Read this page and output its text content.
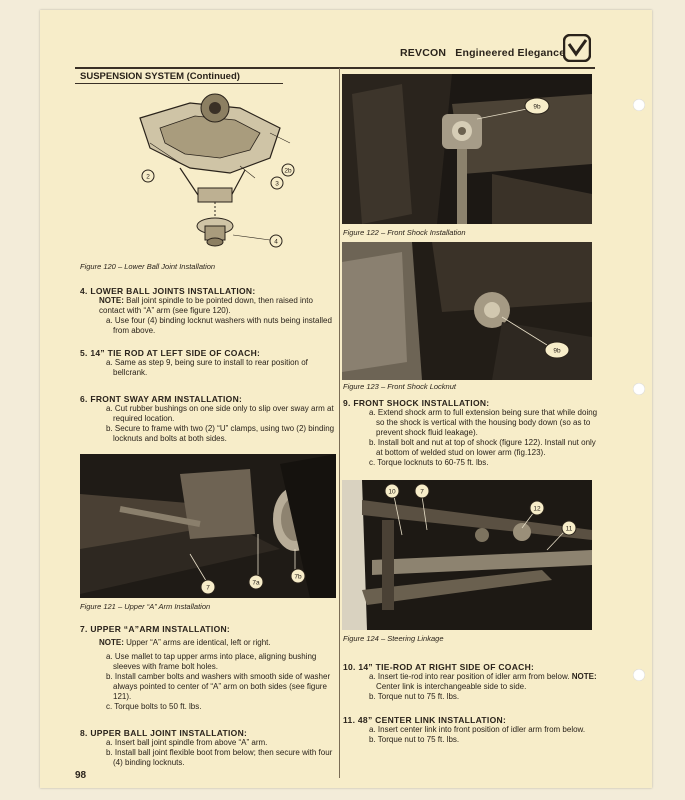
REVCON Engineered Elegance
SUSPENSION SYSTEM (Continued)
2
3
2b
4
Figure 120 – Lower Ball Joint Installation
4. LOWER BALL JOINTS INSTALLATION:
NOTE: Ball joint spindle to be pointed down, then raised into contact with “A” arm (see figure 120).
a. Use four (4) binding locknut washers with nuts being installed from above.
5. 14” TIE ROD AT LEFT SIDE OF COACH:
a. Same as step 9, being sure to install to rear position of bellcrank.
6. FRONT SWAY ARM INSTALLATION:
a. Cut rubber bushings on one side only to slip over sway arm at required location.
b. Secure to frame with two (2) “U” clamps, using two (2) binding locknuts and bolts at both sides.
7
7a
7b
Figure 121 – Upper “A” Arm Installation
7. UPPER “A”ARM INSTALLATION:
NOTE: Upper “A” arms are identical, left or right.
a. Use mallet to tap upper arms into place, aligning bushing sleeves with frame bolt holes.
b. Install camber bolts and washers with smooth side of washer always pointed to center of “A” arm on both sides (see figure 121).
c. Torque bolts to 50 ft. lbs.
8. UPPER BALL JOINT INSTALLATION:
a. Insert ball joint spindle from above “A” arm.
b. Install ball joint flexible boot from below; then secure with four (4) binding locknuts.
98
9b
Figure 122 – Front Shock Installation
9b
Figure 123 – Front Shock Locknut
9. FRONT SHOCK INSTALLATION:
a. Extend shock arm to full extension being sure that while doing so the shock is vertical with the housing body down (so as to prevent shock fluid leakage).
b. Install bolt and nut at top of shock (figure 122). Install nut only at bottom of welded stud on lower arm (fig.123).
c. Torque locknuts to 60-75 ft. lbs.
10	7
12
11
Figure 124 – Steering Linkage
10. 14” TIE-ROD AT RIGHT SIDE OF COACH:
a. Insert tie-rod into rear position of idler arm from below. NOTE: Center link is interchangeable side to side.
b. Torque nut to 75 ft. lbs.
11. 48” CENTER LINK INSTALLATION:
a. Insert center link into front position of idler arm from below.
b. Torque nut to 75 ft. lbs.
